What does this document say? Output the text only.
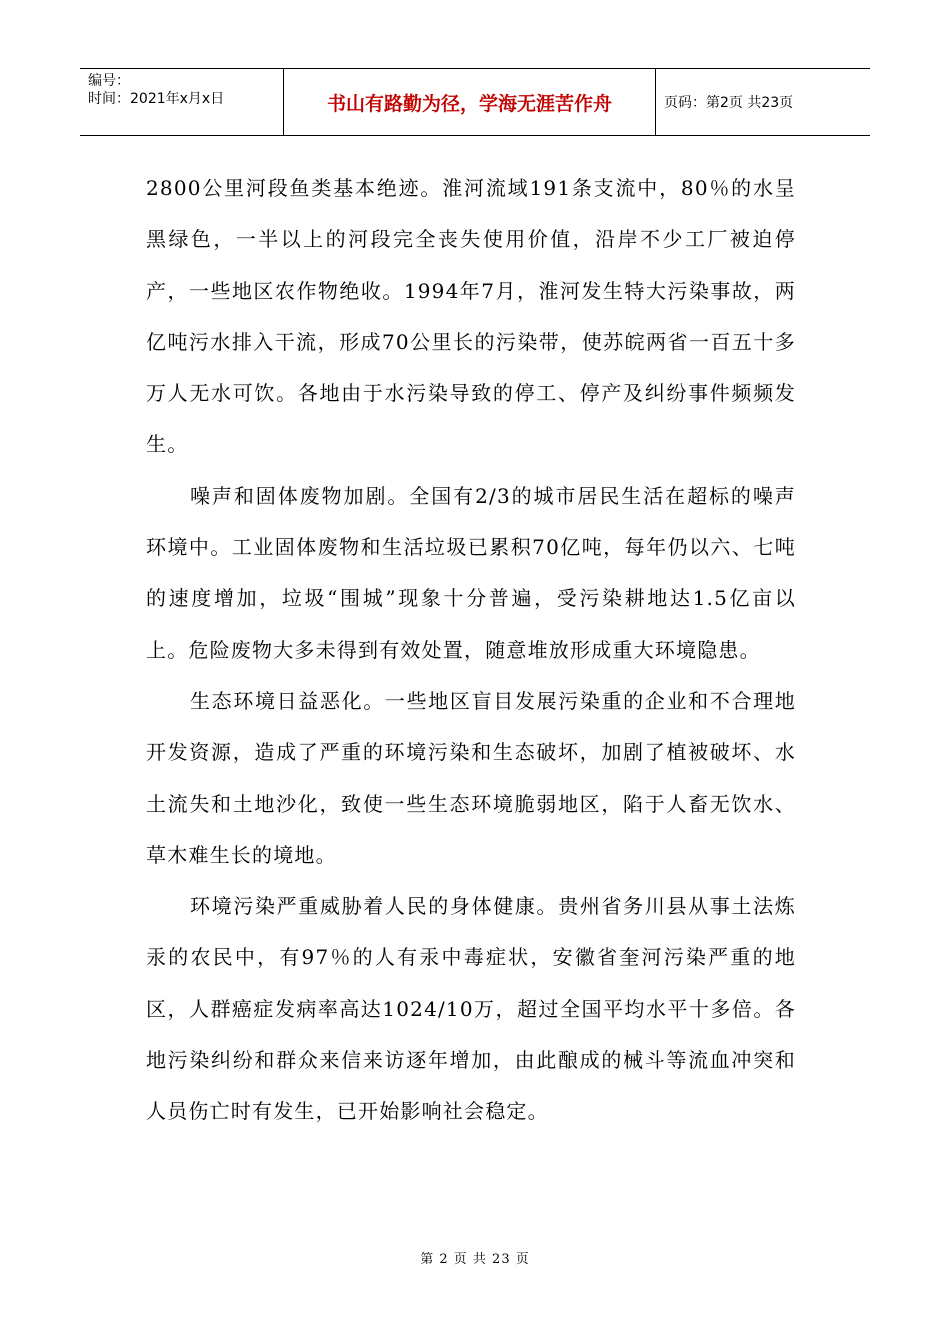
编号：
时间：2021年x月x日	书山有路勤为径，学海无涯苦作舟	页码：第2页 共23页

2800公里河段鱼类基本绝迹。淮河流域191条支流中，80％的水呈黑绿色，一半以上的河段完全丧失使用价值，沿岸不少工厂被迫停产，一些地区农作物绝收。1994年7月，淮河发生特大污染事故，两亿吨污水排入干流，形成70公里长的污染带，使苏皖两省一百五十多万人无水可饮。各地由于水污染导致的停工、停产及纠纷事件频频发生。

噪声和固体废物加剧。全国有2/3的城市居民生活在超标的噪声环境中。工业固体废物和生活垃圾已累积70亿吨，每年仍以六、七吨的速度增加，垃圾“围城”现象十分普遍，受污染耕地达1.5亿亩以上。危险废物大多未得到有效处置，随意堆放形成重大环境隐患。

生态环境日益恶化。一些地区盲目发展污染重的企业和不合理地开发资源，造成了严重的环境污染和生态破坏，加剧了植被破坏、水土流失和土地沙化，致使一些生态环境脆弱地区，陷于人畜无饮水、草木难生长的境地。

环境污染严重威胁着人民的身体健康。贵州省务川县从事土法炼汞的农民中，有97％的人有汞中毒症状，安徽省奎河污染严重的地区，人群癌症发病率高达1024/10万，超过全国平均水平十多倍。各地污染纠纷和群众来信来访逐年增加，由此酿成的械斗等流血冲突和人员伤亡时有发生，已开始影响社会稳定。

第 2 页 共 23 页
